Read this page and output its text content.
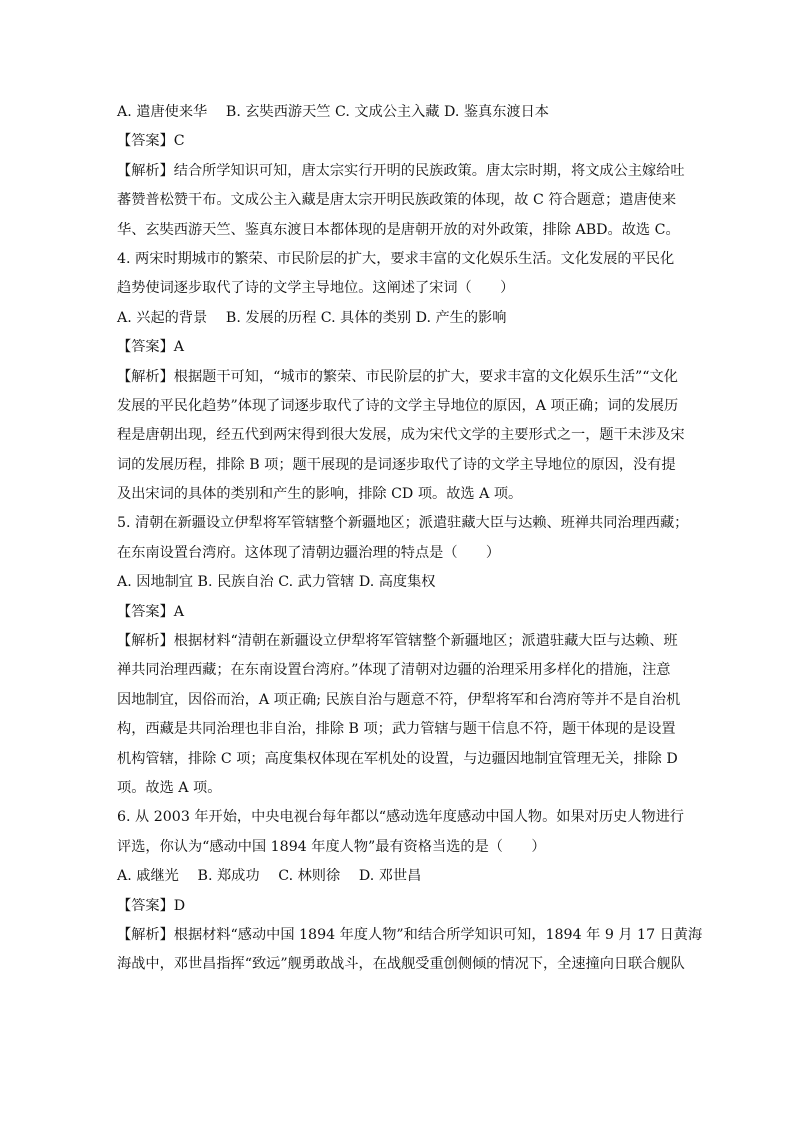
A. 遣唐使来华　 B. 玄奘西游天竺 C. 文成公主入藏 D. 鉴真东渡日本
【答案】C
【解析】结合所学知识可知，唐太宗实行开明的民族政策。唐太宗时期，将文成公主嫁给吐
蕃赞普松赞干布。文成公主入藏是唐太宗开明民族政策的体现，故 C 符合题意；遣唐使来
华、玄奘西游天竺、鉴真东渡日本都体现的是唐朝开放的对外政策，排除 ABD。故选 C。
4. 两宋时期城市的繁荣、市民阶层的扩大，要求丰富的文化娱乐生活。文化发展的平民化
趋势使词逐步取代了诗的文学主导地位。这阐述了宋词（　　）
A. 兴起的背景　 B. 发展的历程 C. 具体的类别 D. 产生的影响
【答案】A
【解析】根据题干可知，“城市的繁荣、市民阶层的扩大，要求丰富的文化娱乐生活”“文化
发展的平民化趋势”体现了词逐步取代了诗的文学主导地位的原因，A 项正确；词的发展历
程是唐朝出现，经五代到两宋得到很大发展，成为宋代文学的主要形式之一，题干未涉及宋
词的发展历程，排除 B 项；题干展现的是词逐步取代了诗的文学主导地位的原因，没有提
及出宋词的具体的类别和产生的影响，排除 CD 项。故选 A 项。
5. 清朝在新疆设立伊犁将军管辖整个新疆地区；派遣驻藏大臣与达赖、班禅共同治理西藏；
在东南设置台湾府。这体现了清朝边疆治理的特点是（　　）
A. 因地制宜 B. 民族自治 C. 武力管辖 D. 高度集权
【答案】A
【解析】根据材料“清朝在新疆设立伊犁将军管辖整个新疆地区；派遣驻藏大臣与达赖、班
禅共同治理西藏；在东南设置台湾府。”体现了清朝对边疆的治理采用多样化的措施，注意
因地制宜，因俗而治，A 项正确; 民族自治与题意不符，伊犁将军和台湾府等并不是自治机
构，西藏是共同治理也非自治，排除 B 项；武力管辖与题干信息不符，题干体现的是设置
机构管辖，排除 C 项；高度集权体现在军机处的设置，与边疆因地制宜管理无关，排除 D
项。故选 A 项。
6. 从 2003 年开始，中央电视台每年都以“感动选年度感动中国人物。如果对历史人物进行
评选，你认为“感动中国 1894 年度人物”最有资格当选的是（　　）
A. 戚继光　 B. 郑成功　 C. 林则徐　 D. 邓世昌
【答案】D
【解析】根据材料“感动中国 1894 年度人物”和结合所学知识可知，1894 年 9 月 17 日黄海
海战中，邓世昌指挥“致远”舰勇敢战斗，在战舰受重创侧倾的情况下，全速撞向日联合舰队
